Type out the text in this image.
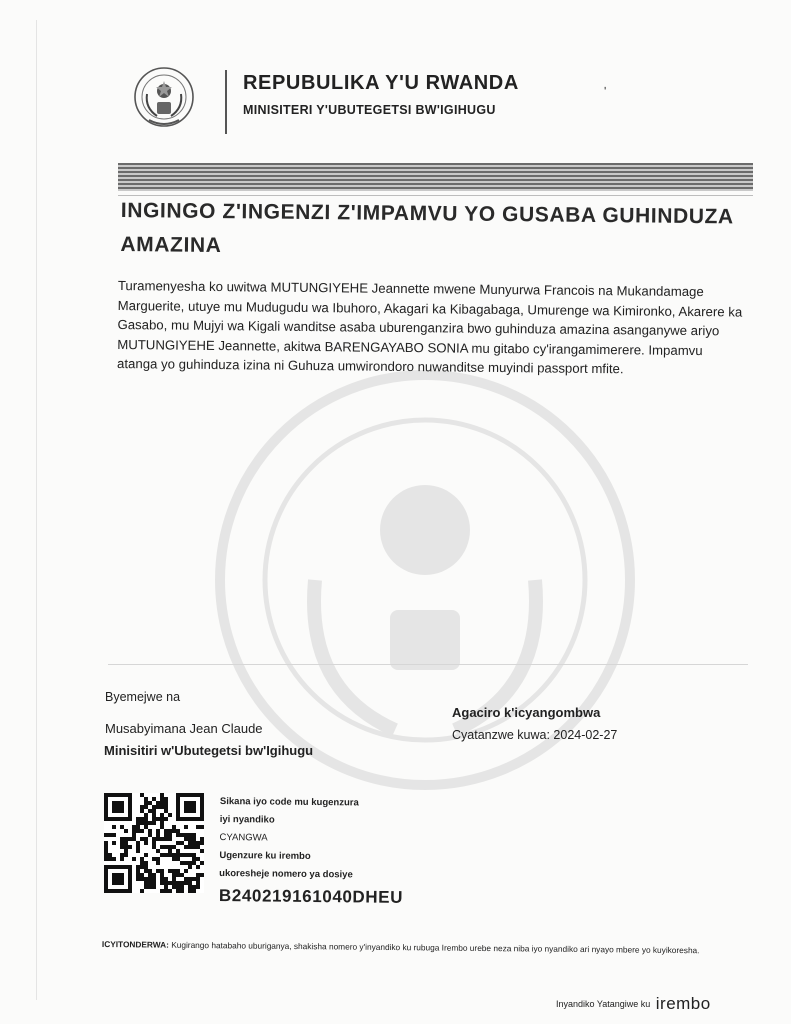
REPUBULIKA Y'U RWANDA
MINISITERI Y'UBUTEGETSI BW'IGIHUGU
ʹ
INGINGO Z'INGENZI Z'IMPAMVU YO GUSABA GUHINDUZA AMAZINA
Turamenyesha ko uwitwa MUTUNGIYEHE Jeannette mwene Munyurwa Francois na Mukandamage Marguerite, utuye mu Mudugudu wa Ibuhoro, Akagari ka Kibagabaga, Umurenge wa Kimironko, Akarere ka Gasabo, mu Mujyi wa Kigali wanditse asaba uburenganzira bwo guhinduza amazina asanganywe ariyo MUTUNGIYEHE Jeannette, akitwa BARENGAYABO SONIA mu gitabo cy'irangamimerere. Impamvu atanga yo guhinduza izina ni Guhuza umwirondoro nuwanditse muyindi passport mfite.
Byemejwe na
Musabyimana Jean Claude
Minisitiri w'Ubutegetsi bw'Igihugu
Agaciro k'icyangombwa
Cyatanzwe kuwa: 2024-02-27
Sikana iyo code mu kugenzura
iyi nyandiko
CYANGWA
Ugenzure ku irembo
ukoresheje nomero ya dosiye
B240219161040DHEU
ICYITONDERWA: Kugirango hatabaho uburiganya, shakisha nomero y'inyandiko ku rubuga Irembo urebe neza niba iyo nyandiko ari nyayo mbere yo kuyikoresha.
Inyandiko Yatangiwe ku irembo
